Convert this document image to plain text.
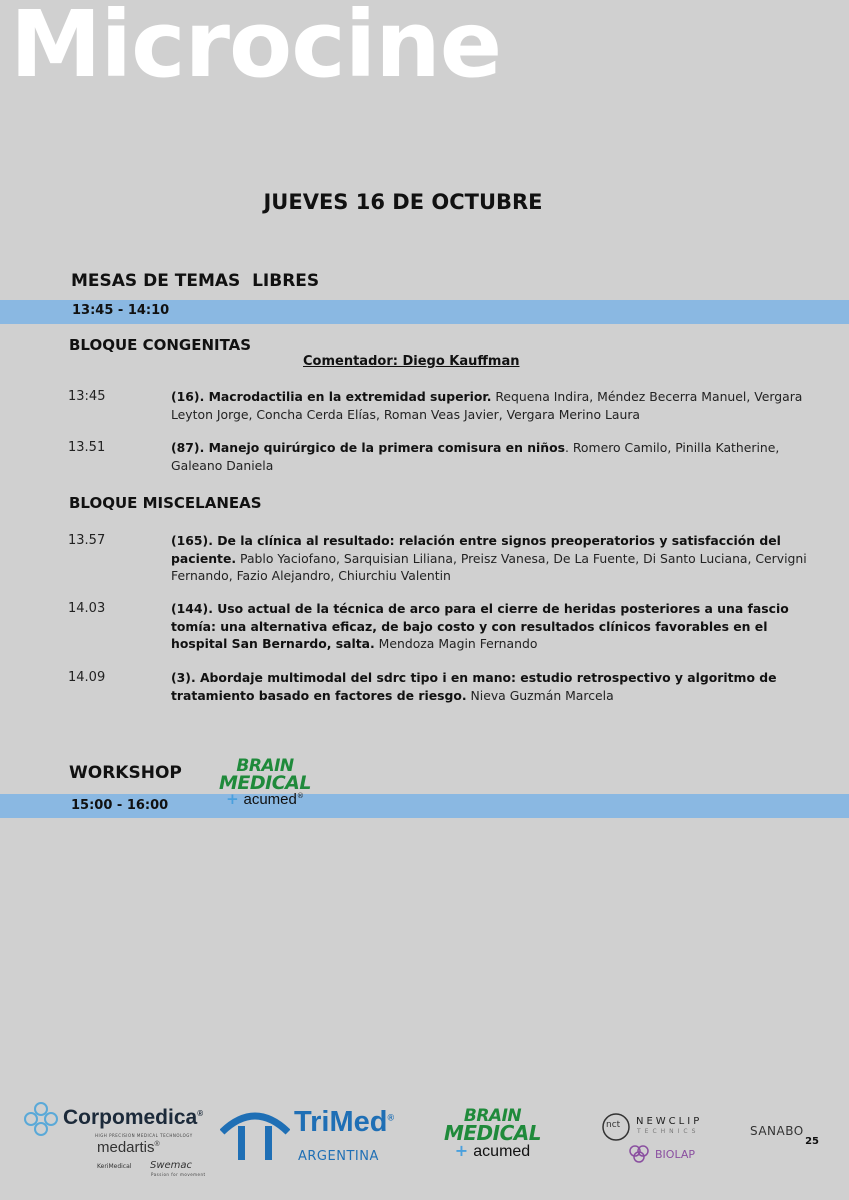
Microcine
JUEVES 16 DE OCTUBRE
MESAS DE TEMAS  LIBRES
13:45 - 14:10
BLOQUE CONGENITAS
Comentador: Diego Kauffman
13:45	(16). Macrodactilia en la extremidad superior. Requena Indira, Méndez Becerra Manuel, Vergara Leyton Jorge, Concha Cerda Elías, Roman Veas Javier, Vergara Merino Laura
13.51	(87). Manejo quirúrgico de la primera comisura en niños. Romero Camilo, Pinilla Katherine, Galeano Daniela
BLOQUE MISCELANEAS
13.57	(165). De la clínica al resultado: relación entre signos preoperatorios y satisfacción del paciente. Pablo Yaciofano, Sarquisian Liliana, Preisz Vanesa, De La Fuente, Di Santo Luciana, Cervigni Fernando, Fazio Alejandro, Chiurchiu Valentin
14.03	(144). Uso actual de la técnica de arco para el cierre de heridas posteriores a una fascio tomía: una alternativa eficaz, de bajo costo y con resultados clínicos favorables en el hospital San Bernardo, salta. Mendoza Magin Fernando
14.09	(3). Abordaje multimodal del sdrc tipo i en mano: estudio retrospectivo y algoritmo de tratamiento basado en factores de riesgo. Nieva Guzmán Marcela
WORKSHOP
15:00 - 16:00
BRAIN
MEDICAL
+ acumed®
Corpomedica®
HIGH PRECISION MEDICAL TECHNOLOGY
medartis®
KeriMedical Swemac
Passion for movement
TriMed®
ARGENTINA
BRAIN
MEDICAL
+ acumed
nct NEWCLIP
TECHNICS
BIOLAP
SANABO
25
